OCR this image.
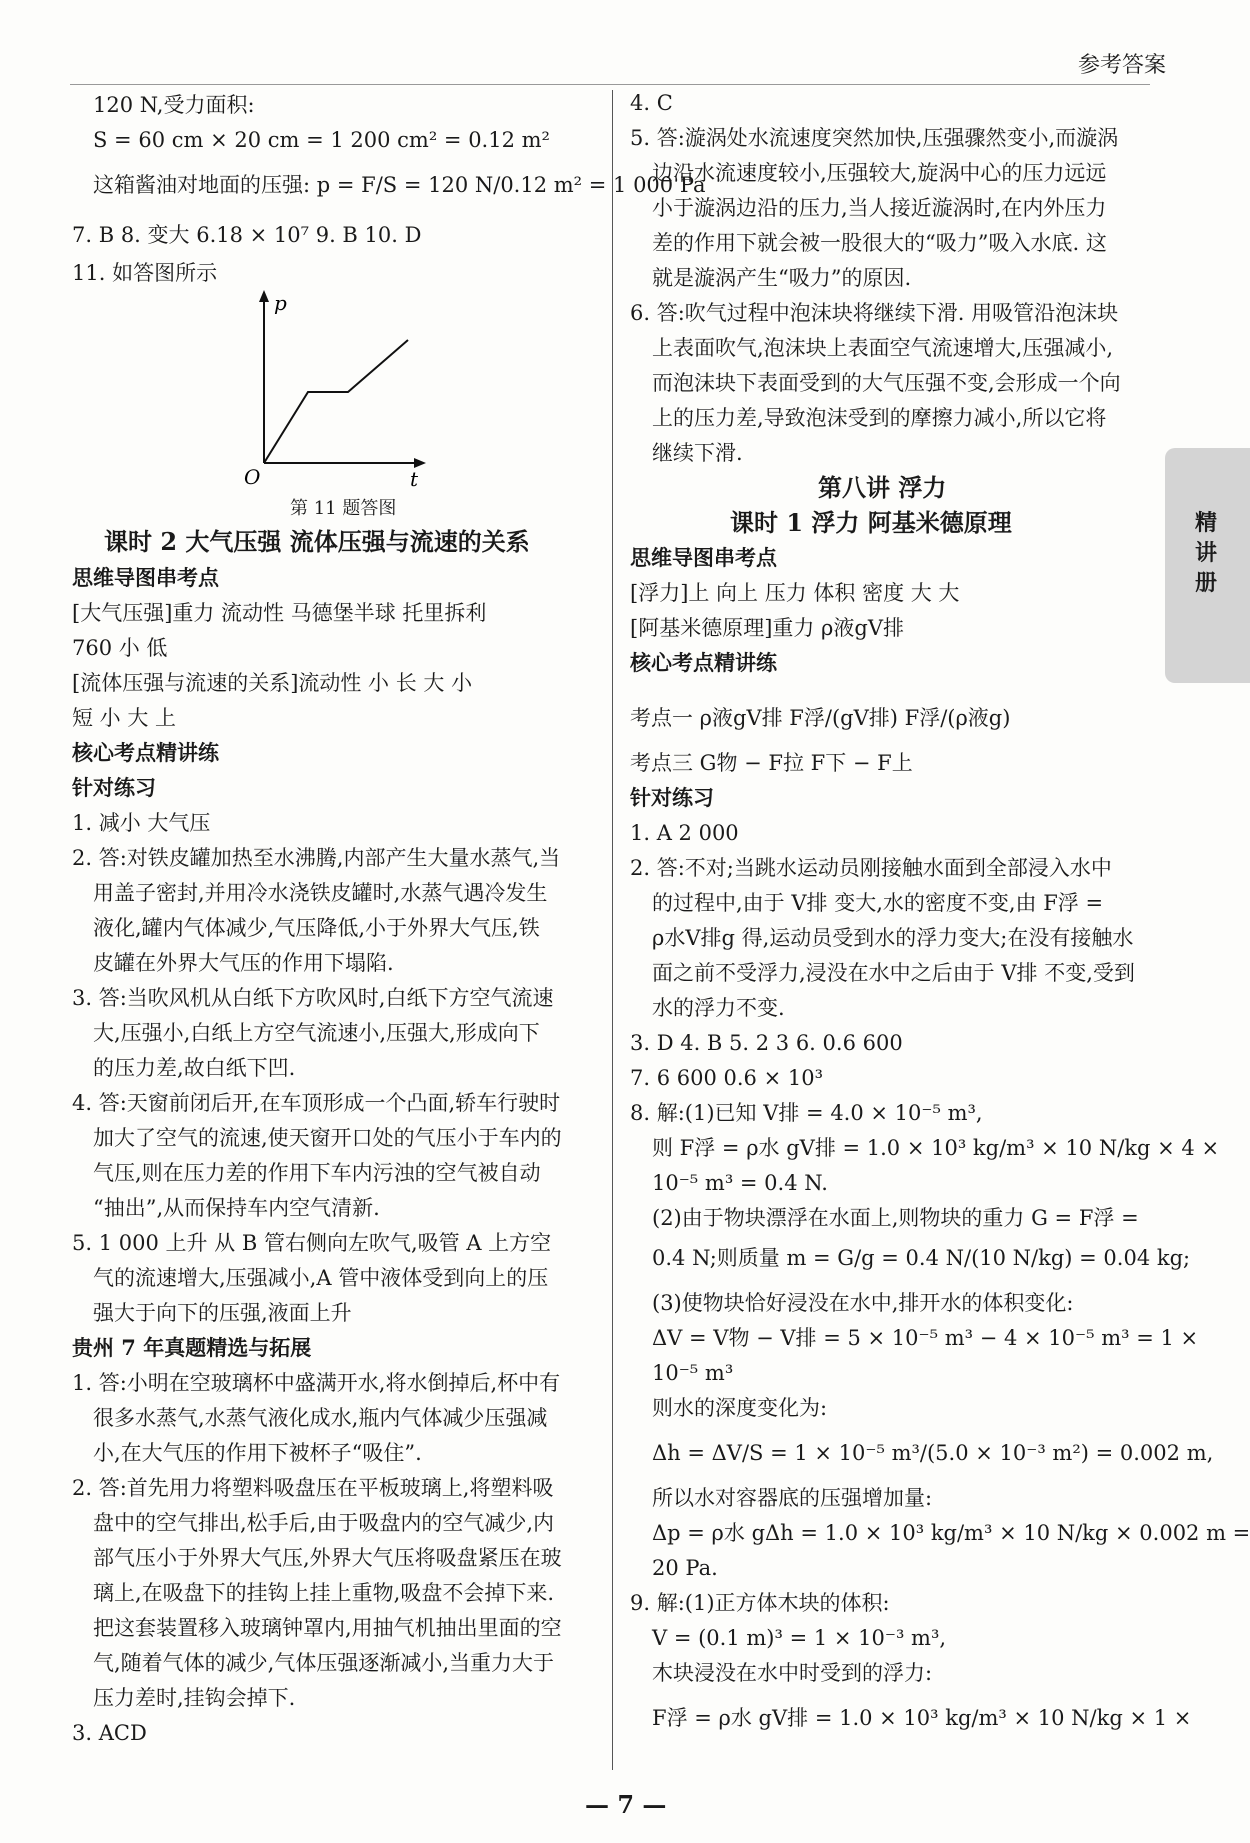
参考答案
精讲册
120 N,受力面积:
S = 60 cm × 20 cm = 1 200 cm² = 0.12 m²
这箱酱油对地面的压强: p = F/S = 120 N/0.12 m² = 1 000 Pa
7. B 8. 变大 6.18 × 10⁷ 9. B 10. D
11. 如答图所示
p
O	t
第 11 题答图
课时 2 大气压强 流体压强与流速的关系
思维导图串考点
[大气压强]重力 流动性 马德堡半球 托里拆利
760 小 低
[流体压强与流速的关系]流动性 小 长 大 小
短 小 大 上
核心考点精讲练
针对练习
1. 减小 大气压
2. 答:对铁皮罐加热至水沸腾,内部产生大量水蒸气,当
用盖子密封,并用冷水浇铁皮罐时,水蒸气遇冷发生
液化,罐内气体减少,气压降低,小于外界大气压,铁
皮罐在外界大气压的作用下塌陷.
3. 答:当吹风机从白纸下方吹风时,白纸下方空气流速
大,压强小,白纸上方空气流速小,压强大,形成向下
的压力差,故白纸下凹.
4. 答:天窗前闭后开,在车顶形成一个凸面,轿车行驶时
加大了空气的流速,使天窗开口处的气压小于车内的
气压,则在压力差的作用下车内污浊的空气被自动
“抽出”,从而保持车内空气清新.
5. 1 000 上升 从 B 管右侧向左吹气,吸管 A 上方空
气的流速增大,压强减小,A 管中液体受到向上的压
强大于向下的压强,液面上升
贵州 7 年真题精选与拓展
1. 答:小明在空玻璃杯中盛满开水,将水倒掉后,杯中有
很多水蒸气,水蒸气液化成水,瓶内气体减少压强减
小,在大气压的作用下被杯子“吸住”.
2. 答:首先用力将塑料吸盘压在平板玻璃上,将塑料吸
盘中的空气排出,松手后,由于吸盘内的空气减少,内
部气压小于外界大气压,外界大气压将吸盘紧压在玻
璃上,在吸盘下的挂钩上挂上重物,吸盘不会掉下来.
把这套装置移入玻璃钟罩内,用抽气机抽出里面的空
气,随着气体的减少,气体压强逐渐减小,当重力大于
压力差时,挂钩会掉下.
3. ACD
4. C
5. 答:漩涡处水流速度突然加快,压强骤然变小,而漩涡
边沿水流速度较小,压强较大,旋涡中心的压力远远
小于漩涡边沿的压力,当人接近漩涡时,在内外压力
差的作用下就会被一股很大的“吸力”吸入水底. 这
就是漩涡产生“吸力”的原因.
6. 答:吹气过程中泡沫块将继续下滑. 用吸管沿泡沫块
上表面吹气,泡沫块上表面空气流速增大,压强减小,
而泡沫块下表面受到的大气压强不变,会形成一个向
上的压力差,导致泡沫受到的摩擦力减小,所以它将
继续下滑.
第八讲 浮力
课时 1 浮力 阿基米德原理
思维导图串考点
[浮力]上 向上 压力 体积 密度 大 大
[阿基米德原理]重力 ρ液gV排
核心考点精讲练
考点一 ρ液gV排 F浮/(gV排) F浮/(ρ液g)
考点三 G物 − F拉 F下 − F上
针对练习
1. A 2 000
2. 答:不对;当跳水运动员刚接触水面到全部浸入水中
的过程中,由于 V排 变大,水的密度不变,由 F浮 =
ρ水V排g 得,运动员受到水的浮力变大;在没有接触水
面之前不受浮力,浸没在水中之后由于 V排 不变,受到
水的浮力不变.
3. D 4. B 5. 2 3 6. 0.6 600
7. 6 600 0.6 × 10³
8. 解:(1)已知 V排 = 4.0 × 10⁻⁵ m³,
则 F浮 = ρ水 gV排 = 1.0 × 10³ kg/m³ × 10 N/kg × 4 ×
10⁻⁵ m³ = 0.4 N.
(2)由于物块漂浮在水面上,则物块的重力 G = F浮 =
0.4 N;则质量 m = G/g = 0.4 N/(10 N/kg) = 0.04 kg;
(3)使物块恰好浸没在水中,排开水的体积变化:
ΔV = V物 − V排 = 5 × 10⁻⁵ m³ − 4 × 10⁻⁵ m³ = 1 ×
10⁻⁵ m³
则水的深度变化为:
Δh = ΔV/S = 1 × 10⁻⁵ m³/(5.0 × 10⁻³ m²) = 0.002 m,
所以水对容器底的压强增加量:
Δp = ρ水 gΔh = 1.0 × 10³ kg/m³ × 10 N/kg × 0.002 m =
20 Pa.
9. 解:(1)正方体木块的体积:
V = (0.1 m)³ = 1 × 10⁻³ m³,
木块浸没在水中时受到的浮力:
F浮 = ρ水 gV排 = 1.0 × 10³ kg/m³ × 10 N/kg × 1 ×
— 7 —
